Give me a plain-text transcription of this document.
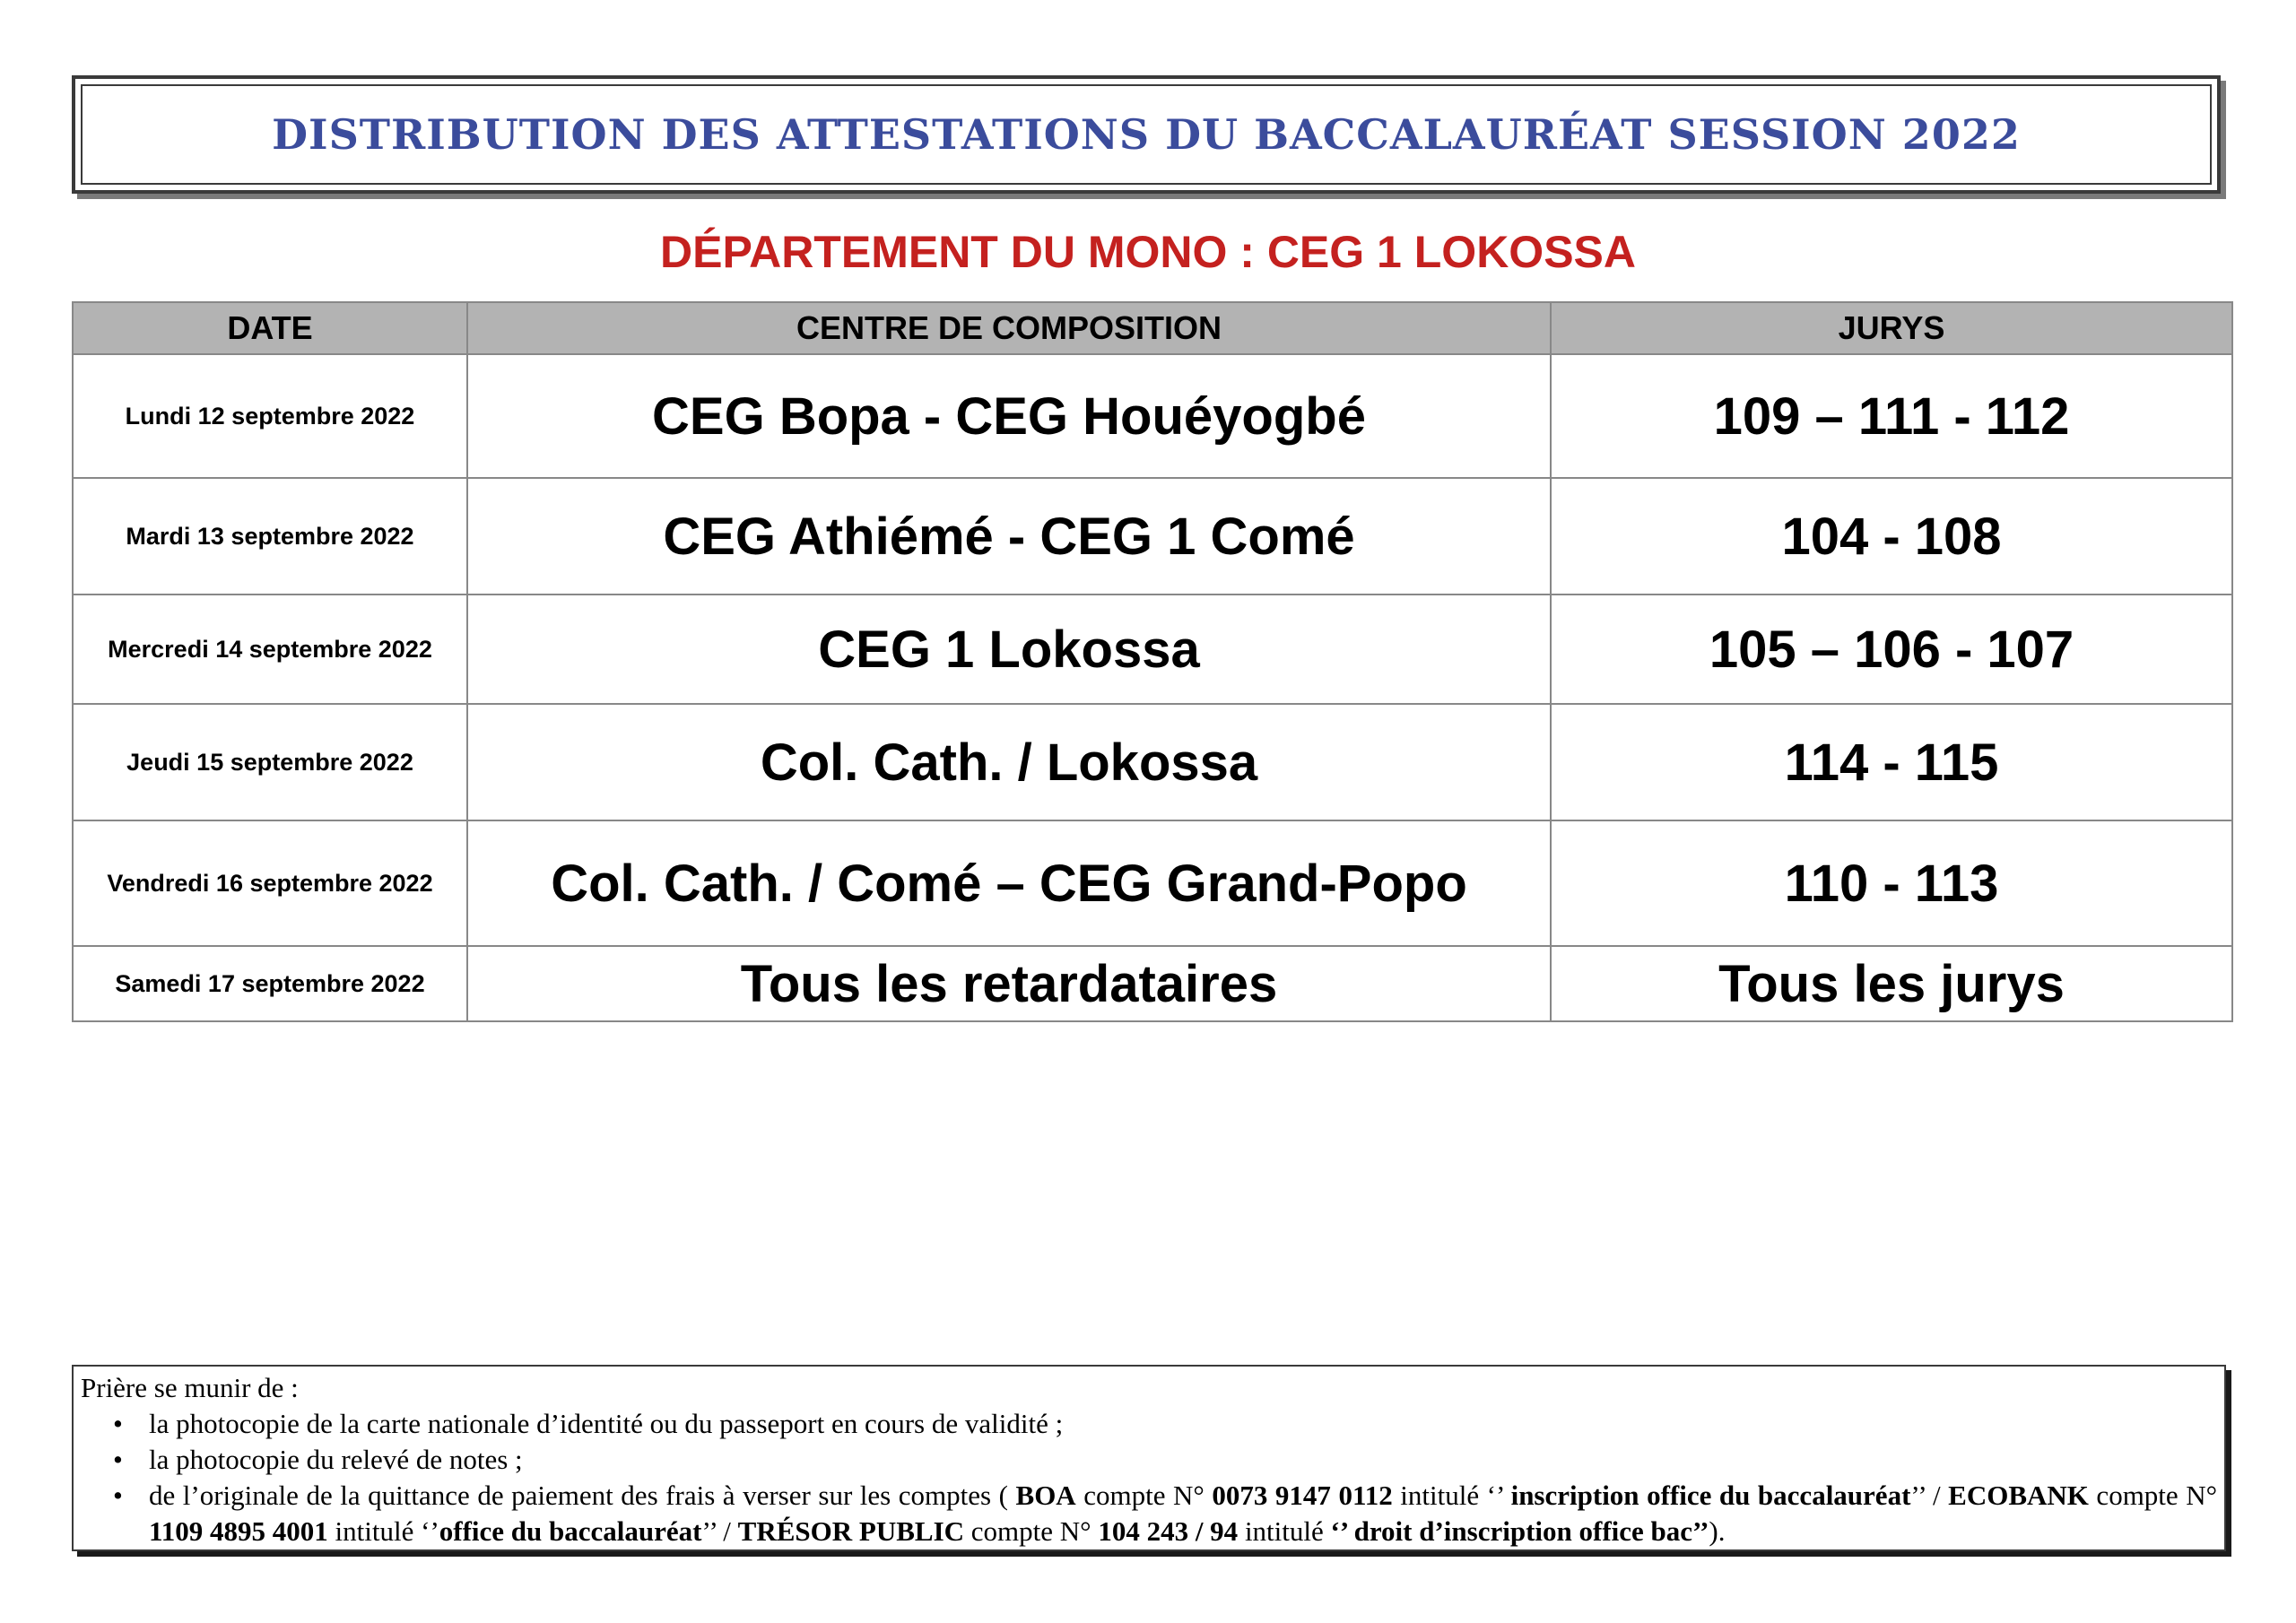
DISTRIBUTION DES ATTESTATIONS DU BACCALAURÉAT SESSION 2022
DÉPARTEMENT DU MONO : CEG 1 LOKOSSA
DATE	CENTRE DE COMPOSITION	JURYS
Lundi 12 septembre 2022	CEG Bopa - CEG Houéyogbé	109 – 111 - 112
Mardi 13 septembre 2022	CEG Athiémé - CEG 1 Comé	104 - 108
Mercredi 14 septembre 2022	CEG 1 Lokossa	105 – 106 - 107
Jeudi 15 septembre 2022	Col. Cath. / Lokossa	114 - 115
Vendredi 16 septembre 2022	Col. Cath. / Comé – CEG Grand-Popo	110 - 113
Samedi 17 septembre 2022	Tous les retardataires	Tous les jurys
Prière se munir de :
• la photocopie de la carte nationale d’identité ou du passeport en cours de validité ;
• la photocopie du relevé de notes ;
• de l’originale de la quittance de paiement des frais à verser sur les comptes ( BOA compte N° 0073 9147 0112 intitulé ‘’ inscription office du baccalauréat’’ / ECOBANK compte N° 1109 4895 4001 intitulé ‘’office du baccalauréat’’ / TRÉSOR PUBLIC compte N° 104 243 / 94 intitulé ‘’ droit d’inscription office bac’’).
